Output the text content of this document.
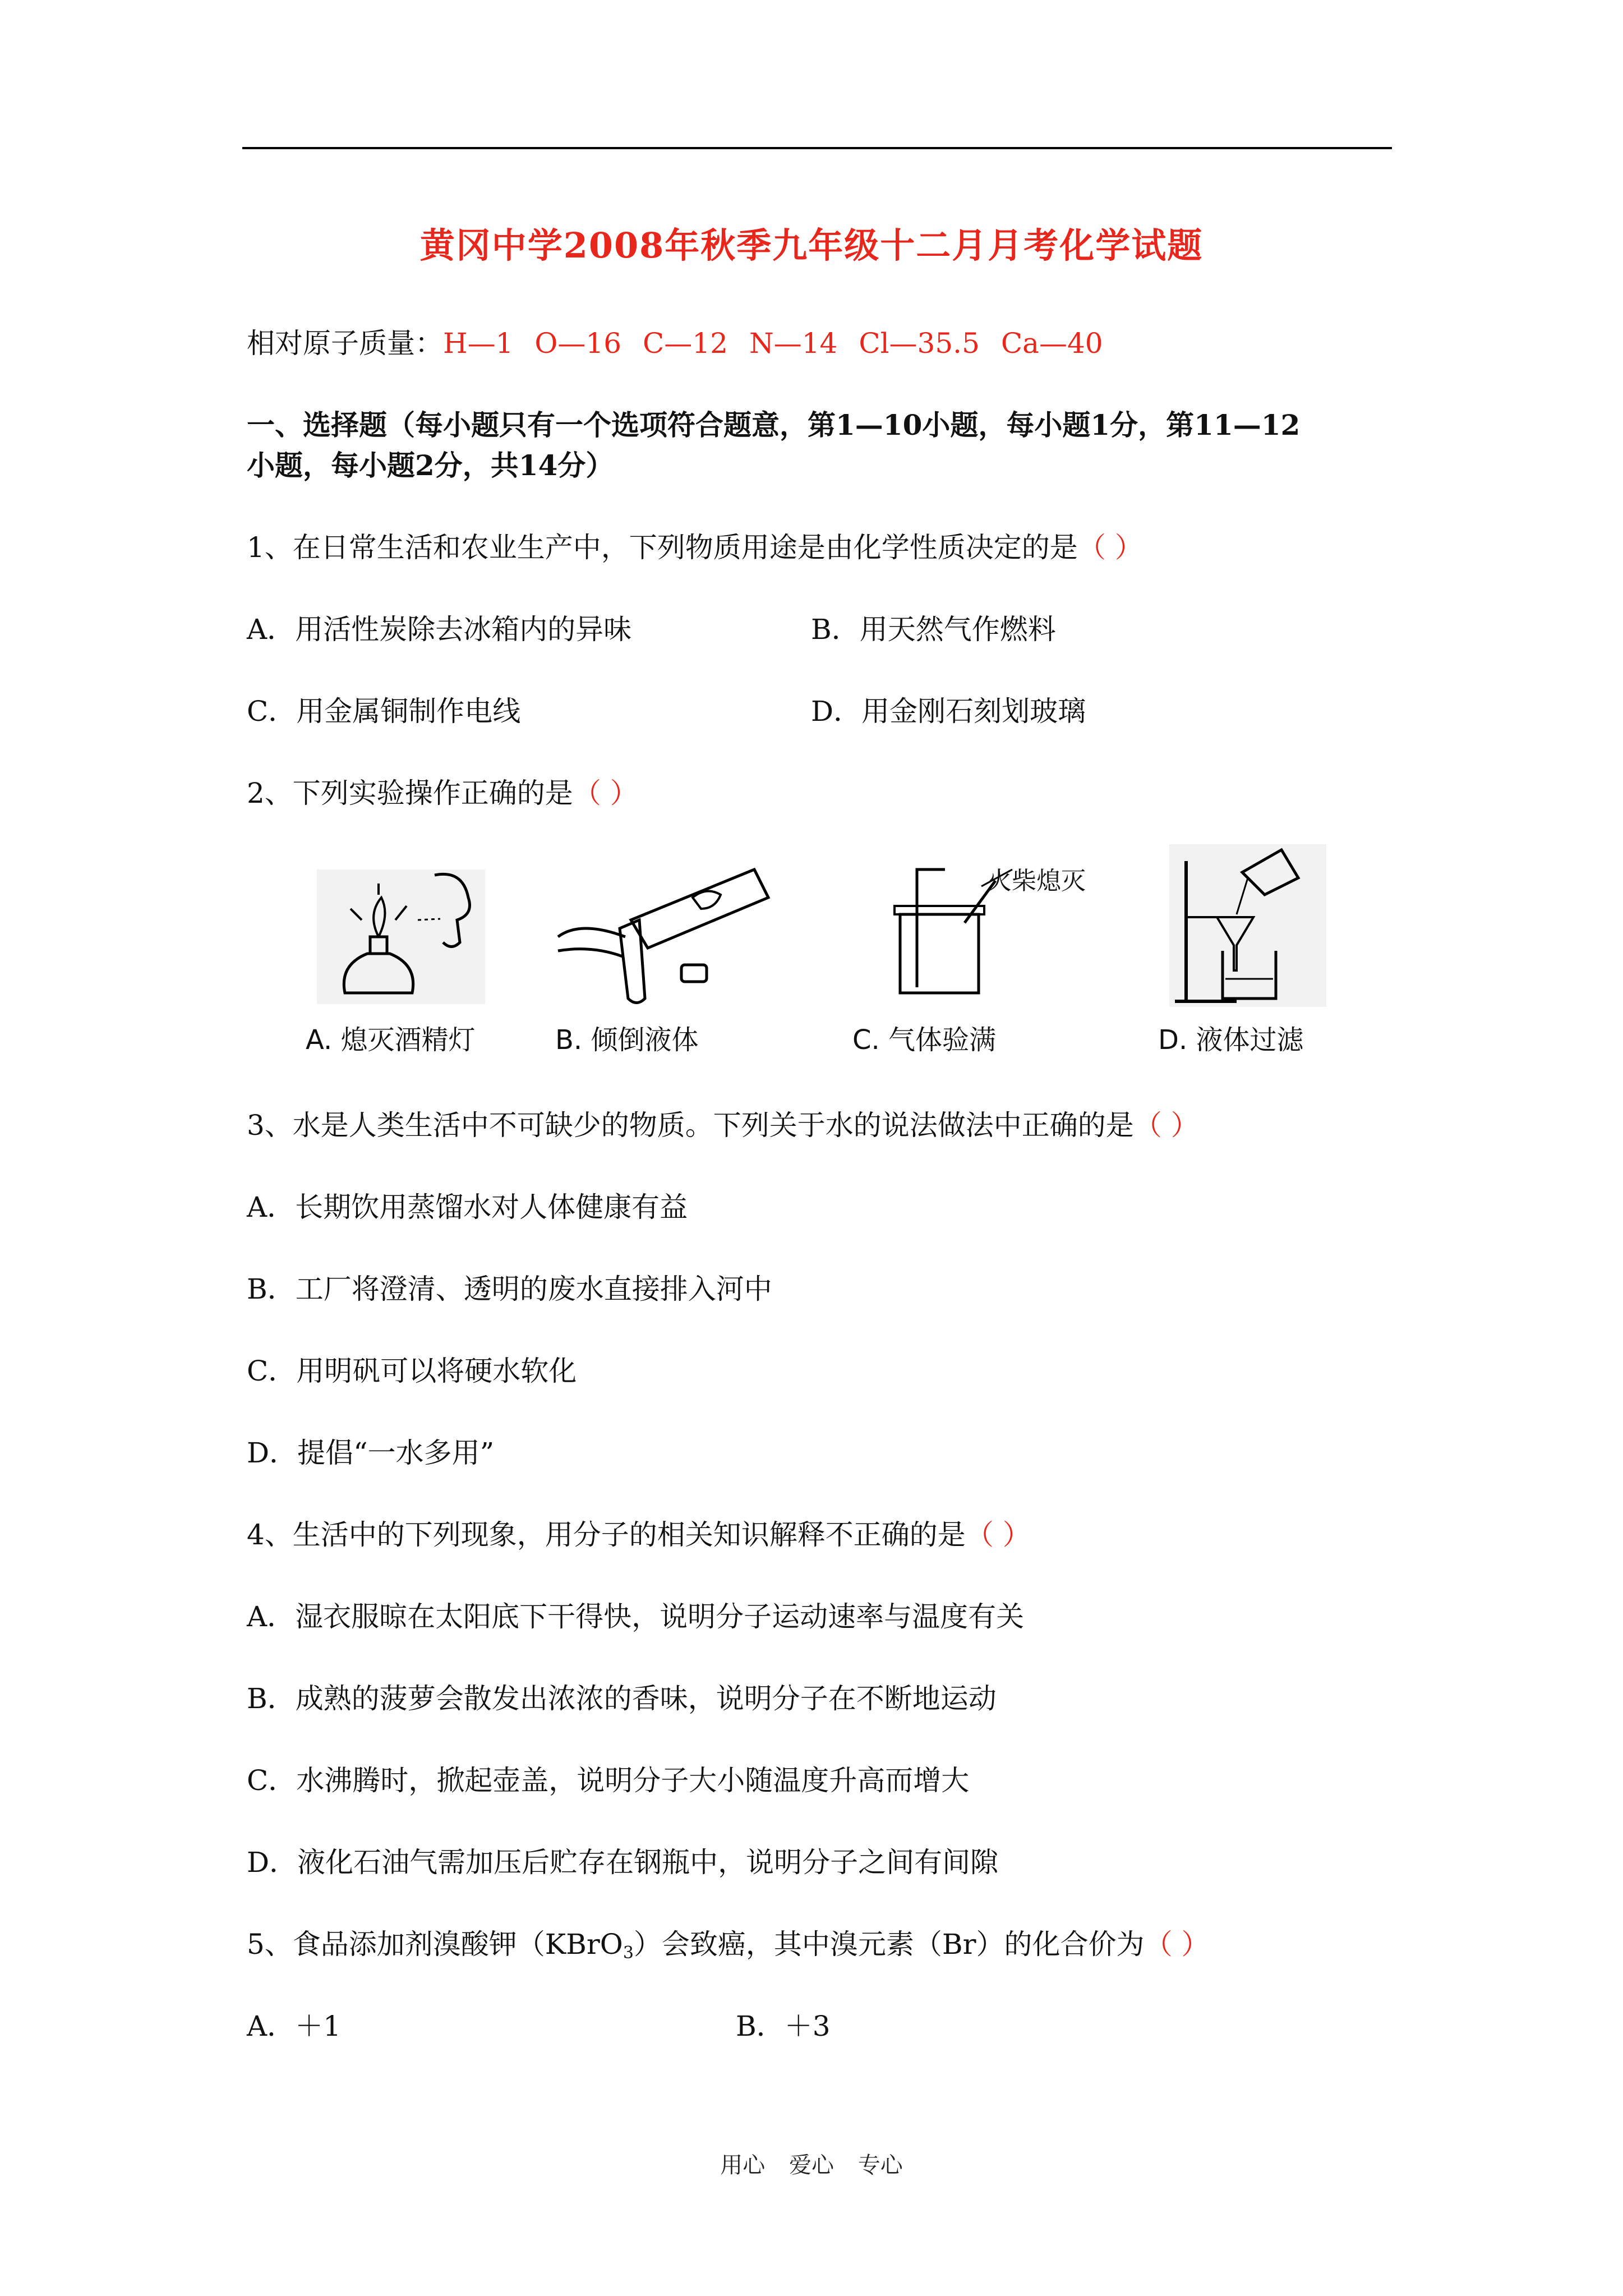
黄冈中学2008年秋季九年级十二月月考化学试题
相对原子质量：H—1 O—16 C—12 N—14 Cl—35.5 Ca—40
一、选择题（每小题只有一个选项符合题意，第1—10小题，每小题1分，第11—12
小题，每小题2分，共14分）
1、在日常生活和农业生产中，下列物质用途是由化学性质决定的是（ ）
A．用活性炭除去冰箱内的异味	B．用天然气作燃料
C．用金属铜制作电线	D．用金刚石刻划玻璃
2、下列实验操作正确的是（ ）
火柴熄灭
A. 熄灭酒精灯	B. 倾倒液体	C. 气体验满	D. 液体过滤
3、水是人类生活中不可缺少的物质。下列关于水的说法做法中正确的是（ ）
A．长期饮用蒸馏水对人体健康有益
B．工厂将澄清、透明的废水直接排入河中
C．用明矾可以将硬水软化
D．提倡“一水多用”
4、生活中的下列现象，用分子的相关知识解释不正确的是（ ）
A．湿衣服晾在太阳底下干得快，说明分子运动速率与温度有关
B．成熟的菠萝会散发出浓浓的香味，说明分子在不断地运动
C．水沸腾时，掀起壶盖，说明分子大小随温度升高而增大
D．液化石油气需加压后贮存在钢瓶中，说明分子之间有间隙
5、食品添加剂溴酸钾（KBrO$_3$）会致癌，其中溴元素（Br）的化合价为（ ）
A．＋1	B．＋3
用心 爱心 专心
